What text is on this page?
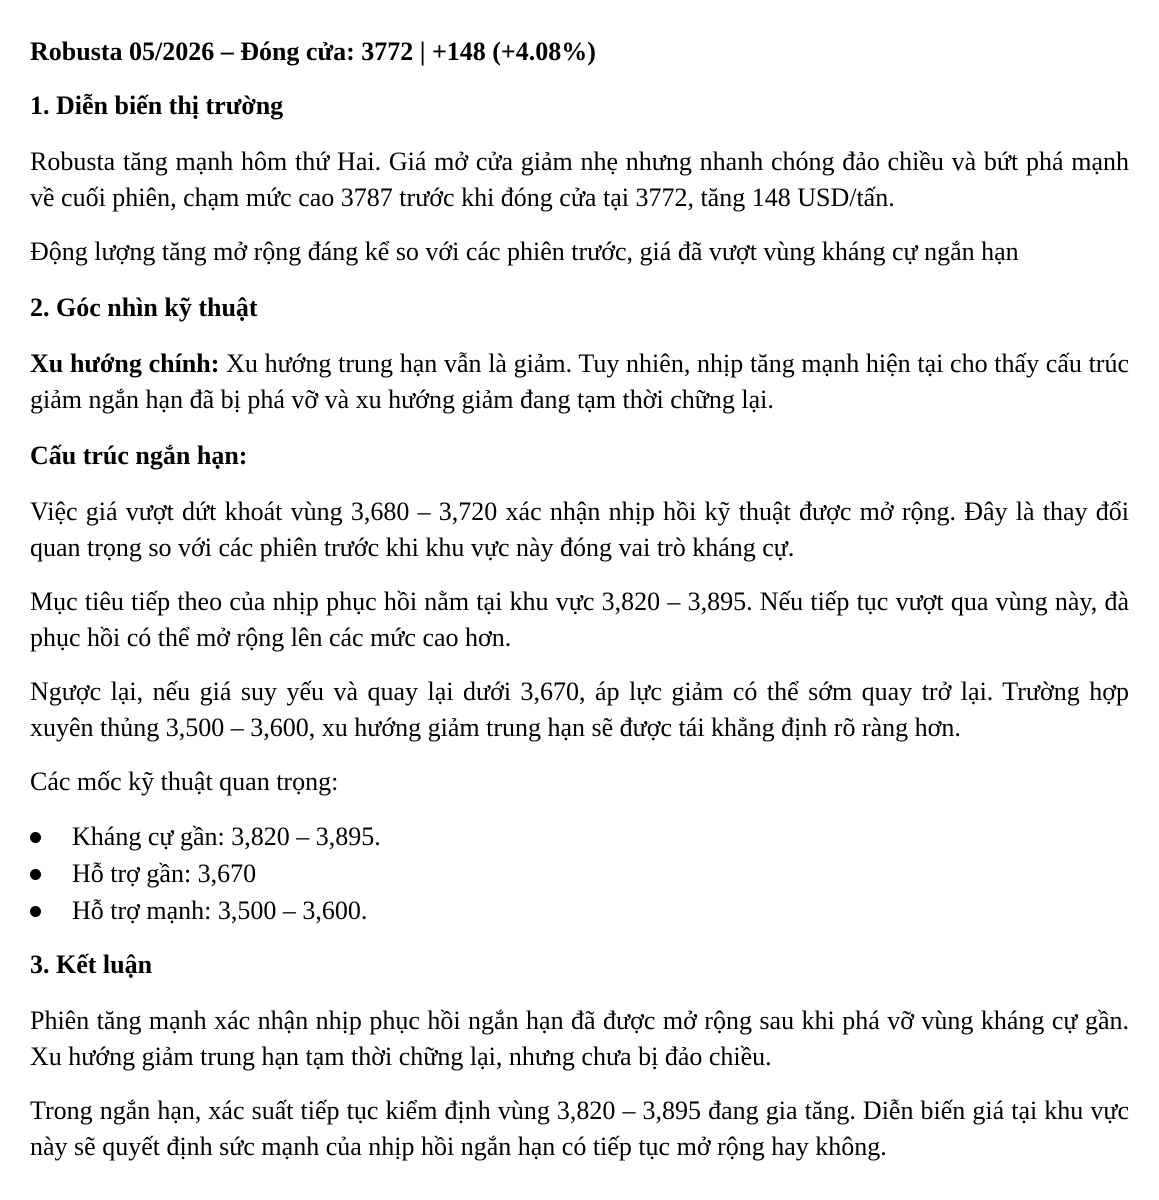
Robusta 05/2026 – Đóng cửa: 3772 | +148 (+4.08%)
1. Diễn biến thị trường

Robusta tăng mạnh hôm thứ Hai. Giá mở cửa giảm nhẹ nhưng nhanh chóng đảo chiều và bứt phá mạnh về cuối phiên, chạm mức cao 3787 trước khi đóng cửa tại 3772, tăng 148 USD/tấn.

Động lượng tăng mở rộng đáng kể so với các phiên trước, giá đã vượt vùng kháng cự ngắn hạn

2. Góc nhìn kỹ thuật

Xu hướng chính: Xu hướng trung hạn vẫn là giảm. Tuy nhiên, nhịp tăng mạnh hiện tại cho thấy cấu trúc giảm ngắn hạn đã bị phá vỡ và xu hướng giảm đang tạm thời chững lại.

Cấu trúc ngắn hạn:

Việc giá vượt dứt khoát vùng 3,680 – 3,720 xác nhận nhịp hồi kỹ thuật được mở rộng. Đây là thay đổi quan trọng so với các phiên trước khi khu vực này đóng vai trò kháng cự.

Mục tiêu tiếp theo của nhịp phục hồi nằm tại khu vực 3,820 – 3,895. Nếu tiếp tục vượt qua vùng này, đà phục hồi có thể mở rộng lên các mức cao hơn.

Ngược lại, nếu giá suy yếu và quay lại dưới 3,670, áp lực giảm có thể sớm quay trở lại. Trường hợp xuyên thủng 3,500 – 3,600, xu hướng giảm trung hạn sẽ được tái khẳng định rõ ràng hơn.

Các mốc kỹ thuật quan trọng:

Kháng cự gần: 3,820 – 3,895.
Hỗ trợ gần: 3,670
Hỗ trợ mạnh: 3,500 – 3,600.
3. Kết luận

Phiên tăng mạnh xác nhận nhịp phục hồi ngắn hạn đã được mở rộng sau khi phá vỡ vùng kháng cự gần. Xu hướng giảm trung hạn tạm thời chững lại, nhưng chưa bị đảo chiều.

Trong ngắn hạn, xác suất tiếp tục kiểm định vùng 3,820 – 3,895 đang gia tăng. Diễn biến giá tại khu vực này sẽ quyết định sức mạnh của nhịp hồi ngắn hạn có tiếp tục mở rộng hay không.
